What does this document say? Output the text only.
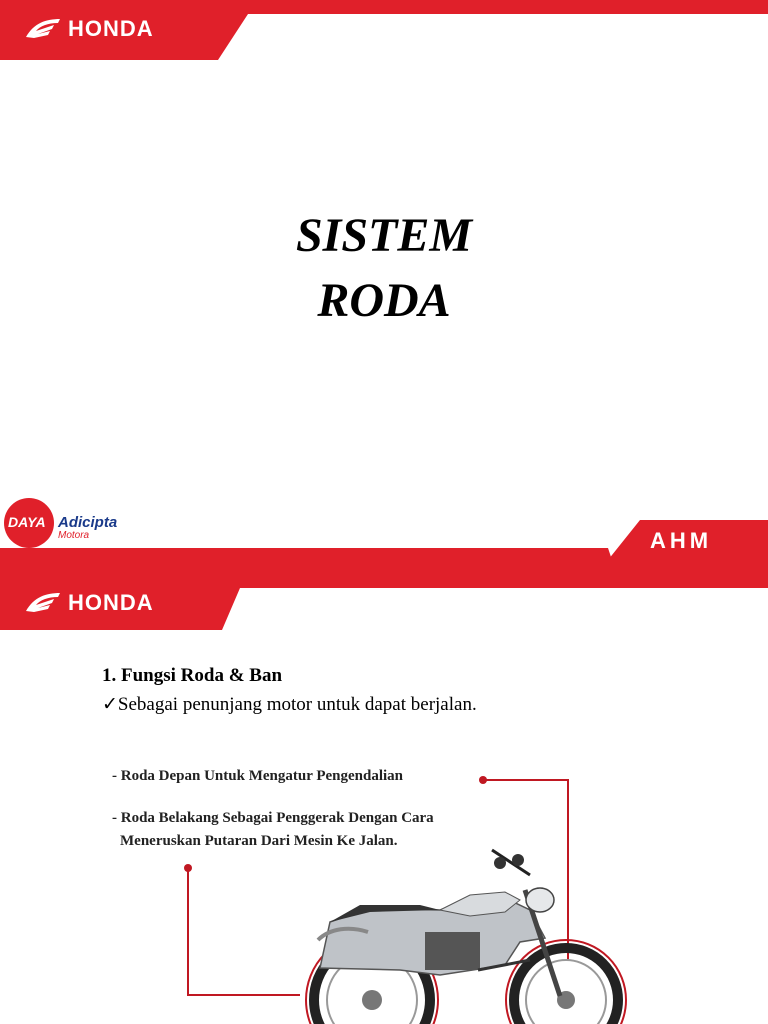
HONDA
SISTEM
RODA
DAYA Adicipta
Motora	AHM
HONDA
1. Fungsi Roda & Ban
✓Sebagai penunjang motor untuk dapat berjalan.
- Roda Depan Untuk Mengatur Pengendalian
- Roda Belakang Sebagai Penggerak Dengan Cara
Meneruskan Putaran Dari Mesin Ke Jalan.
